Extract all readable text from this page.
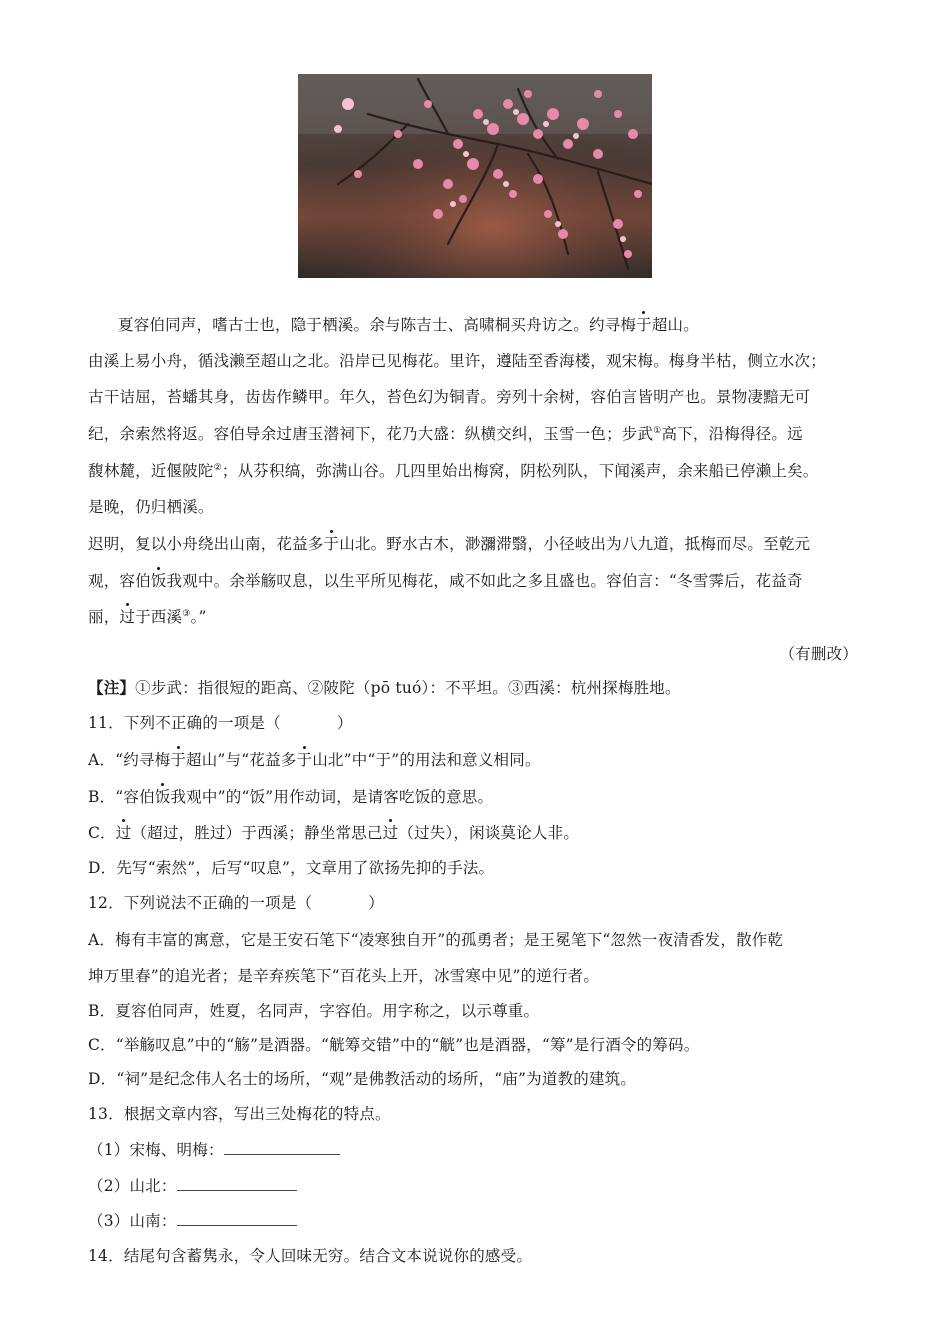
夏容伯同声，嗜古士也，隐于栖溪。余与陈吉士、高啸桐买舟访之。约寻梅于超山。
由溪上易小舟，循浅濑至超山之北。沿岸已见梅花。里许，遵陆至香海楼，观宋梅。梅身半枯，侧立水次；
古干诘屈，苔蟠其身，齿齿作鳞甲。年久，苔色幻为铜青。旁列十余树，容伯言皆明产也。景物凄黯无可
纪，余索然将返。容伯导余过唐玉潜祠下，花乃大盛：纵横交纠，玉雪一色；步武①高下，沿梅得径。远
馥林麓，近偃陂陀②；从芬积缟，弥满山谷。几四里始出梅窝，阴松列队，下闻溪声，余来船已停濑上矣。
是晚，仍归栖溪。
迟明，复以小舟绕出山南，花益多于山北。野水古木，渺瀰滞翳，小径岐出为八九道，抵梅而尽。至乾元
观，容伯饭我观中。余举觞叹息，以生平所见梅花，咸不如此之多且盛也。容伯言：“冬雪霁后，花益奇
丽，过于西溪③。”
（有删改）
【注】①步武：指很短的距高、②陂陀（pō tuó）：不平坦。③西溪：杭州探梅胜地。
11．下列不正确的一项是（	）
A．“约寻梅于超山”与“花益多于山北”中“于”的用法和意义相同。
B．“容伯饭我观中”的“饭”用作动词，是请客吃饭的意思。
C．过（超过，胜过）于西溪；静坐常思己过（过失），闲谈莫论人非。
D．先写“索然”，后写“叹息”，文章用了欲扬先抑的手法。
12．下列说法不正确的一项是（	）
A．梅有丰富的寓意，它是王安石笔下“凌寒独自开”的孤勇者；是王冕笔下“忽然一夜清香发，散作乾
坤万里春”的追光者；是辛弃疾笔下“百花头上开，冰雪寒中见”的逆行者。
B．夏容伯同声，姓夏，名同声，字容伯。用字称之，以示尊重。
C．“举觞叹息”中的“觞”是酒器。“觥筹交错”中的“觥”也是酒器，“筹”是行酒令的筹码。
D．“祠”是纪念伟人名士的场所，“观”是佛教活动的场所，“庙”为道教的建筑。
13．根据文章内容，写出三处梅花的特点。
（1）宋梅、明梅：
（2）山北：
（3）山南：
14．结尾句含蓄隽永，令人回味无穷。结合文本说说你的感受。
